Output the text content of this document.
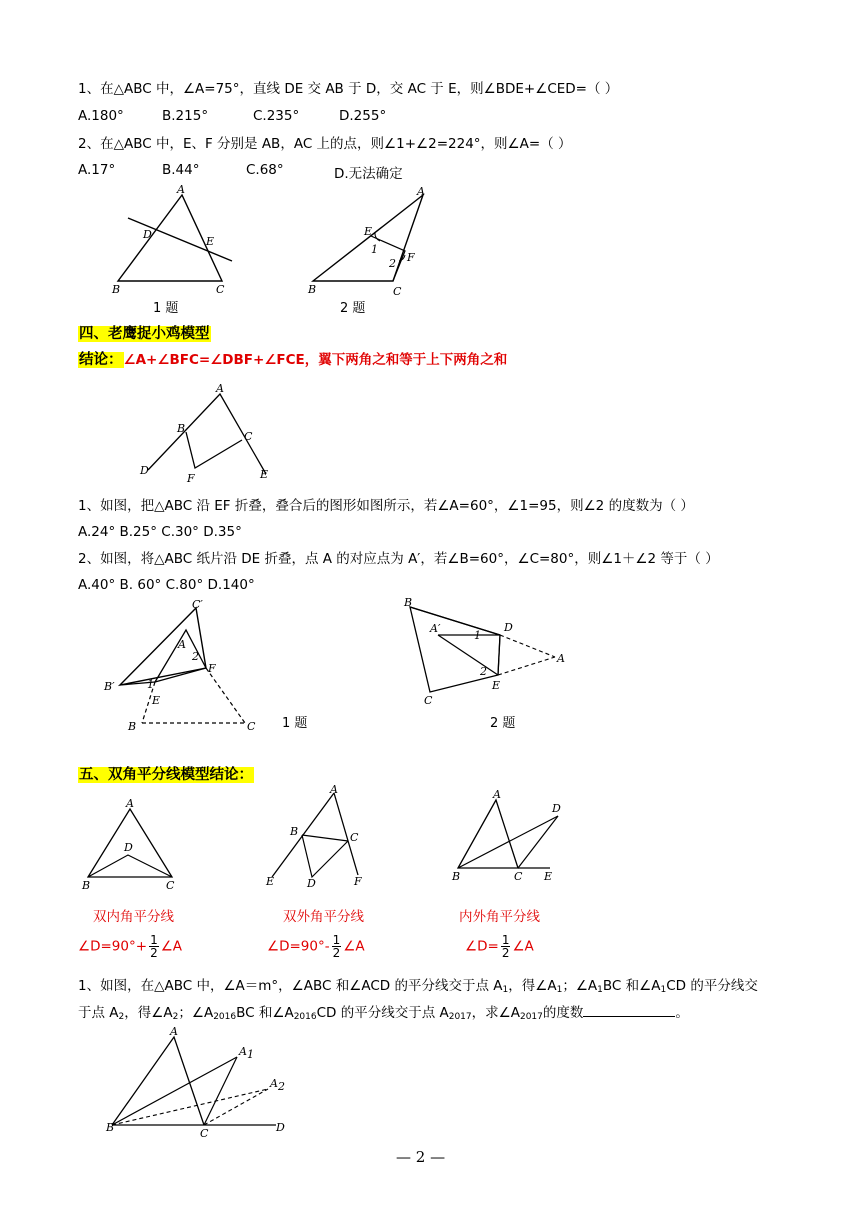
1、在△ABC 中，∠A=75°，直线 DE 交 AB 于 D，交 AC 于 E，则∠BDE+∠CED=（ ）
A.180°	B.215°	C.235°	D.255°
2、在△ABC 中，E、F 分别是 AB，AC 上的点，则∠1+∠2=224°，则∠A=（ ）
A.17°	B.44°	C.68°	D.无法确定
A
B	C
D
E
1 题
A
B	C
E
F
1
2
2 题
四、老鹰捉小鸡模型
结论：∠A+∠BFC=∠DBF+∠FCE，翼下两角之和等于上下两角之和
A
B
C
D	E
F
1、如图，把△ABC 沿 EF 折叠，叠合后的图形如图所示，若∠A=60°，∠1=95，则∠2 的度数为（ ）
A.24° B.25° C.30° D.35°
2、如图，将△ABC 纸片沿 DE 折叠，点 A 的对应点为 A′，若∠B=60°，∠C=80°，则∠1＋∠2 等于（ ）
A.40° B. 60° C.80° D.140°
C′
A
B′
F
E
1
2
B	C 1 题
B
A′	D
A
E
C
1
2
2 题
五、双角平分线模型结论：
A
D
B	C
A
B	C
D
E	F
A
B	C
D
E
双内角平分线	双外角平分线	内外角平分线
∠D=90°+ $\frac{1}{2}$ ∠A	∠D=90°- $\frac{1}{2}$ ∠A	∠D= $\frac{1}{2}$ ∠A
1、如图，在△ABC 中，∠A＝m°，∠ABC 和∠ACD 的平分线交于点 $A_1$，得$\angle A_1$；$\angle A_1BC$ 和$\angle A_1CD$ 的平分线交
于点 $A_2$，得$\angle A_2$；$\angle A_{2016}BC$ 和$\angle A_{2016}CD$ 的平分线交于点 $A_{2017}$，求$\angle A_{2017}$的度数	。
A
A 1
A 2
B	C	D
— 2 —
